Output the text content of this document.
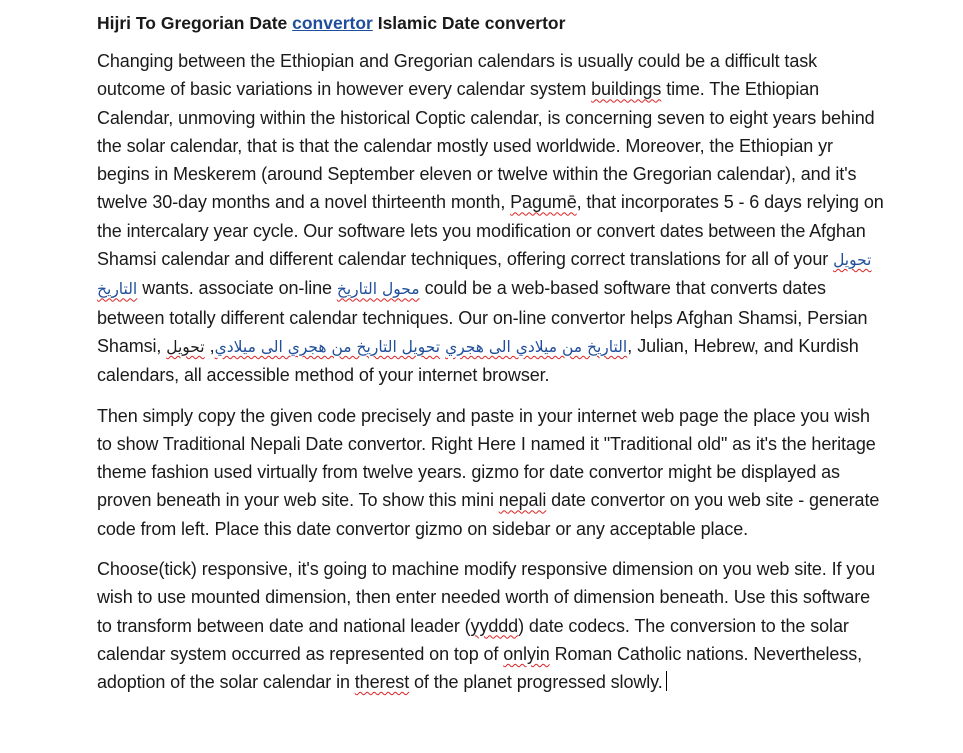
Hijri To Gregorian Date convertor Islamic Date convertor

Changing between the Ethiopian and Gregorian calendars is usually could be a difficult task outcome of basic variations in however every calendar system buildings time. The Ethiopian Calendar, unmoving within the historical Coptic calendar, is concerning seven to eight years behind the solar calendar, that is that the calendar mostly used worldwide. Moreover, the Ethiopian yr begins in Meskerem (around September eleven or twelve within the Gregorian calendar), and it's twelve 30-day months and a novel thirteenth month, Pagumē, that incorporates 5 - 6 days relying on the intercalary year cycle. Our software lets you modification or convert dates between the Afghan Shamsi calendar and different calendar techniques, offering correct translations for all of your تحويل التاريخ wants. associate on-line محول التاريخ could be a web-based software that converts dates between totally different calendar techniques. Our on-line convertor helps Afghan Shamsi, Persian Shamsi, تحويل ,تحويل التاريخ من هجري الى ميلادي التاريخ من ميلادي الى هجري, Julian, Hebrew, and Kurdish calendars, all accessible method of your internet browser.

Then simply copy the given code precisely and paste in your internet web page the place you wish to show Traditional Nepali Date convertor. Right Here I named it "Traditional old" as it's the heritage theme fashion used virtually from twelve years. gizmo for date convertor might be displayed as proven beneath in your web site. To show this mini nepali date convertor on you web site - generate code from left. Place this date convertor gizmo on sidebar or any acceptable place.

Choose(tick) responsive, it's going to machine modify responsive dimension on you web site. If you wish to use mounted dimension, then enter needed worth of dimension beneath. Use this software to transform between date and national leader (yyddd) date codecs. The conversion to the solar calendar system occurred as represented on top of onlyin Roman Catholic nations. Nevertheless, adoption of the solar calendar in therest of the planet progressed slowly.
